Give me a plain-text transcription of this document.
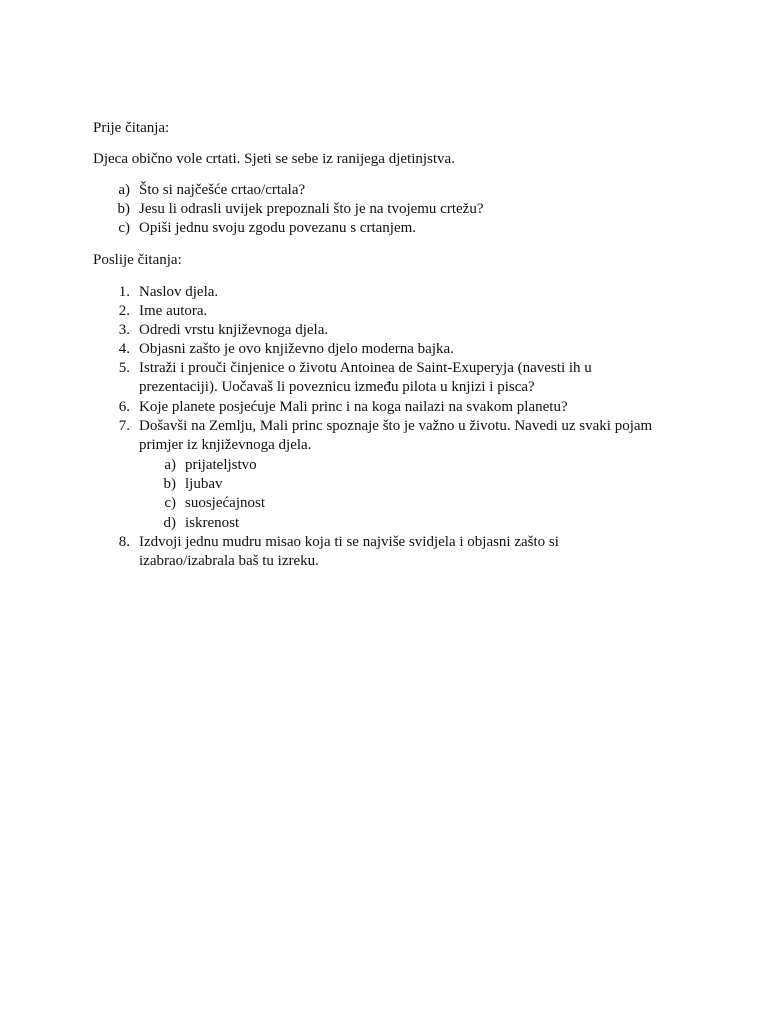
Prije čitanja:
Djeca obično vole crtati. Sjeti se sebe iz ranijega djetinjstva.
a) Što si najčešće crtao/crtala?
b) Jesu li odrasli uvijek prepoznali što je na tvojemu crtežu?
c) Opiši jednu svoju zgodu povezanu s crtanjem.
Poslije čitanja:
1. Naslov djela.
2. Ime autora.
3. Odredi vrstu književnoga djela.
4. Objasni zašto je ovo književno djelo moderna bajka.
5. Istraži i prouči činjenice o životu Antoinea de Saint-Exuperyja (navesti ih u
prezentaciji). Uočavaš li poveznicu između pilota u knjizi i pisca?
6. Koje planete posjećuje Mali princ i na koga nailazi na svakom planetu?
7. Došavši na Zemlju, Mali princ spoznaje što je važno u životu. Navedi uz svaki pojam
primjer iz književnoga djela.
a) prijateljstvo
b) ljubav
c) suosjećajnost
d) iskrenost
8. Izdvoji jednu mudru misao koja ti se najviše svidjela i objasni zašto si
izabrao/izabrala baš tu izreku.
